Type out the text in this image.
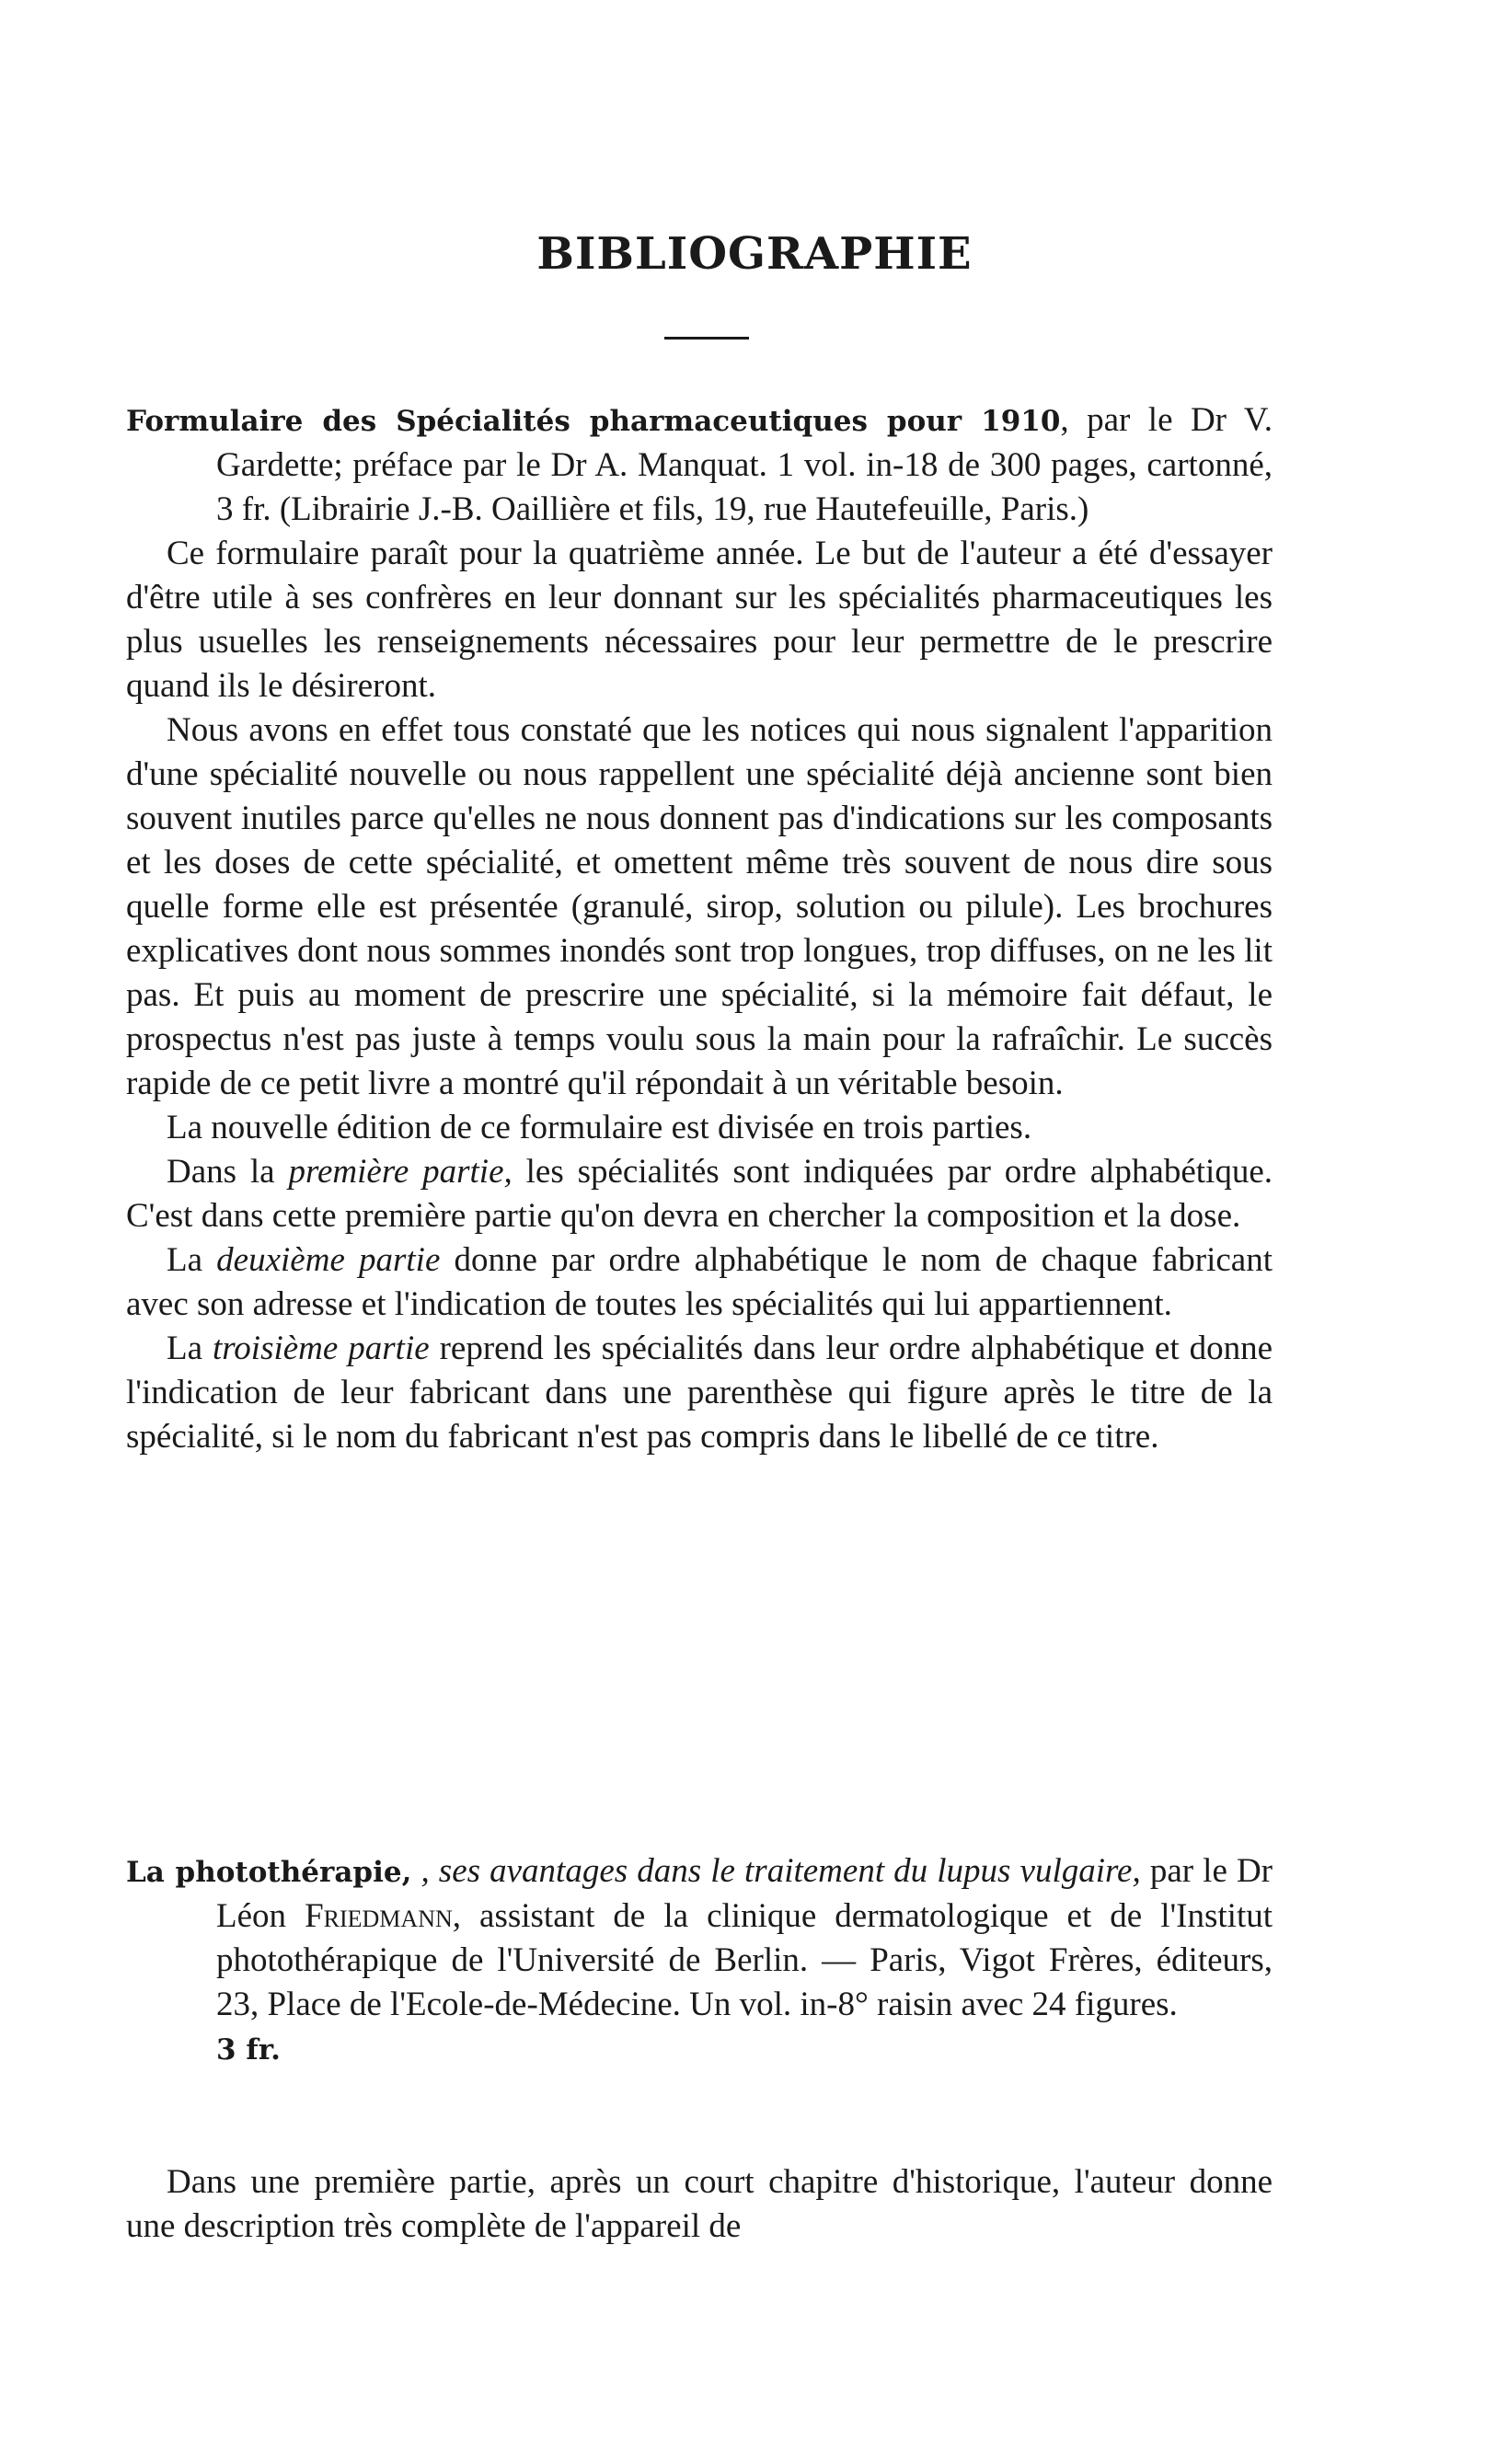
BIBLIOGRAPHIE

Formulaire des Spécialités pharmaceutiques pour 1910, par le Dr V. Gardette; préface par le Dr A. Manquat. 1 vol. in-18 de 300 pages, cartonné, 3 fr. (Librairie J.-B. Oaillière et fils, 19, rue Hautefeuille, Paris.)

Ce formulaire paraît pour la quatrième année. Le but de l'auteur a été d'essayer d'être utile à ses confrères en leur donnant sur les spécialités pharmaceutiques les plus usuelles les renseignements nécessaires pour leur permettre de le prescrire quand ils le désireront.

Nous avons en effet tous constaté que les notices qui nous signalent l'apparition d'une spécialité nouvelle ou nous rappellent une spécialité déjà ancienne sont bien souvent inutiles parce qu'elles ne nous donnent pas d'indications sur les composants et les doses de cette spécialité, et omettent même très souvent de nous dire sous quelle forme elle est présentée (granulé, sirop, solution ou pilule). Les brochures explicatives dont nous sommes inondés sont trop longues, trop diffuses, on ne les lit pas. Et puis au moment de prescrire une spécialité, si la mémoire fait défaut, le prospectus n'est pas juste à temps voulu sous la main pour la rafraîchir. Le succès rapide de ce petit livre a montré qu'il répondait à un véritable besoin.

La nouvelle édition de ce formulaire est divisée en trois parties.

Dans la première partie, les spécialités sont indiquées par ordre alphabétique. C'est dans cette première partie qu'on devra en chercher la composition et la dose.

La deuxième partie donne par ordre alphabétique le nom de chaque fabricant avec son adresse et l'indication de toutes les spécialités qui lui appartiennent.

La troisième partie reprend les spécialités dans leur ordre alphabétique et donne l'indication de leur fabricant dans une parenthèse qui figure après le titre de la spécialité, si le nom du fabricant n'est pas compris dans le libellé de ce titre.

La photothérapie, , ses avantages dans le traitement du lupus vulgaire, par le Dr Léon Friedmann, assistant de la clinique dermatologique et de l'Institut photothérapique de l'Université de Berlin. — Paris, Vigot Frères, éditeurs, 23, Place de l'Ecole-de-Médecine. Un vol. in-8° raisin avec 24 figures.
3 fr.

Dans une première partie, après un court chapitre d'historique, l'auteur donne une description très complète de l'appareil de
